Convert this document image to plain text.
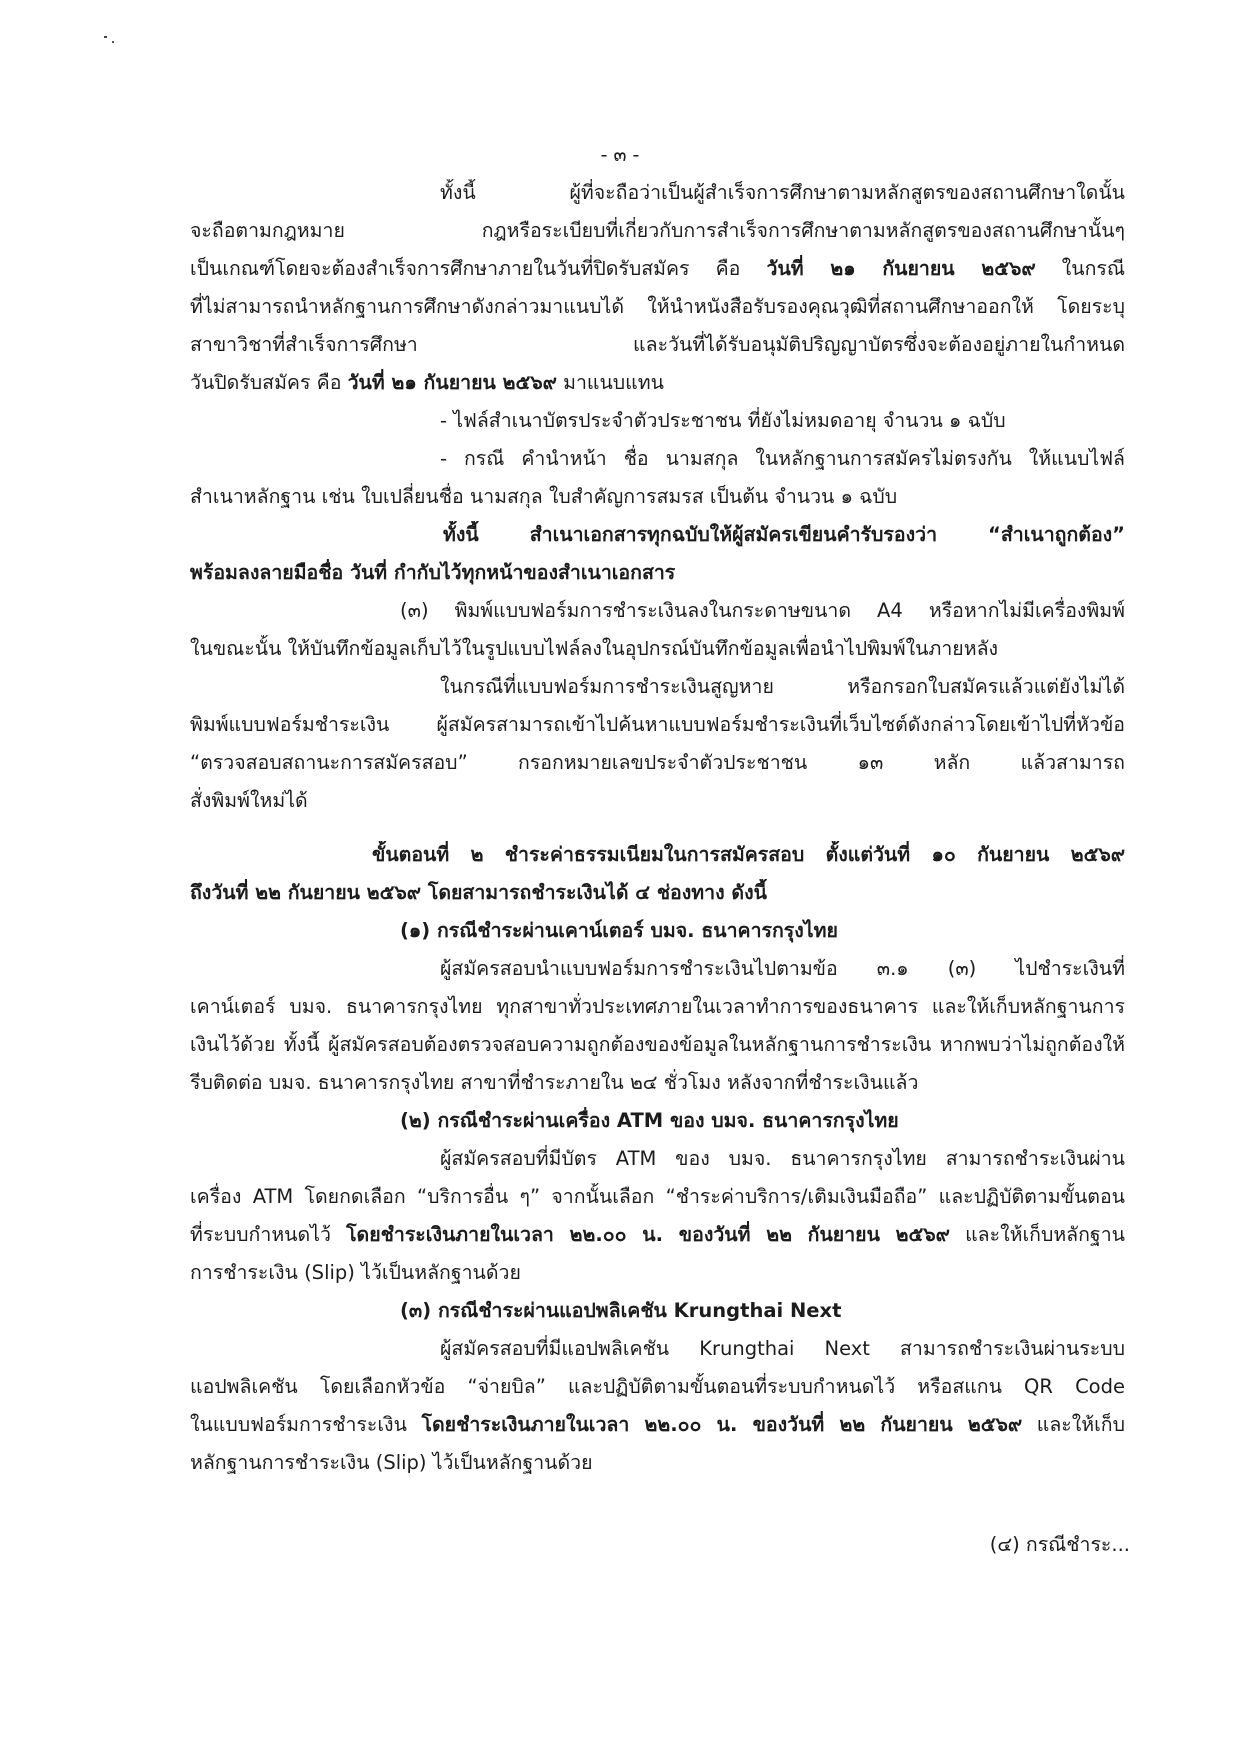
- ๓ -
ทั้งนี้ ผู้ที่จะถือว่าเป็นผู้สำเร็จการศึกษาตามหลักสูตรของสถานศึกษาใดนั้น
จะถือตามกฎหมาย กฎหรือระเบียบที่เกี่ยวกับการสำเร็จการศึกษาตามหลักสูตรของสถานศึกษานั้นๆ
เป็นเกณฑ์โดยจะต้องสำเร็จการศึกษาภายในวันที่ปิดรับสมัคร คือ วันที่ ๒๑ กันยายน ๒๕๖๙ ในกรณี
ที่ไม่สามารถนำหลักฐานการศึกษาดังกล่าวมาแนบได้ ให้นำหนังสือรับรองคุณวุฒิที่สถานศึกษาออกให้ โดยระบุ
สาขาวิชาที่สำเร็จการศึกษา และวันที่ได้รับอนุมัติปริญญาบัตรซึ่งจะต้องอยู่ภายในกำหนด
วันปิดรับสมัคร คือ วันที่ ๒๑ กันยายน ๒๕๖๙ มาแนบแทน
- ไฟล์สำเนาบัตรประจำตัวประชาชน ที่ยังไม่หมดอายุ จำนวน ๑ ฉบับ
- กรณี คำนำหน้า ชื่อ นามสกุล ในหลักฐานการสมัครไม่ตรงกัน ให้แนบไฟล์
สำเนาหลักฐาน เช่น ใบเปลี่ยนชื่อ นามสกุล ใบสำคัญการสมรส เป็นต้น จำนวน ๑ ฉบับ
ทั้งนี้ สำเนาเอกสารทุกฉบับให้ผู้สมัครเขียนคำรับรองว่า “สำเนาถูกต้อง”
พร้อมลงลายมือชื่อ วันที่ กำกับไว้ทุกหน้าของสำเนาเอกสาร
(๓) พิมพ์แบบฟอร์มการชำระเงินลงในกระดาษขนาด A4 หรือหากไม่มีเครื่องพิมพ์
ในขณะนั้น ให้บันทึกข้อมูลเก็บไว้ในรูปแบบไฟล์ลงในอุปกรณ์บันทึกข้อมูลเพื่อนำไปพิมพ์ในภายหลัง
ในกรณีที่แบบฟอร์มการชำระเงินสูญหาย หรือกรอกใบสมัครแล้วแต่ยังไม่ได้
พิมพ์แบบฟอร์มชำระเงิน ผู้สมัครสามารถเข้าไปค้นหาแบบฟอร์มชำระเงินที่เว็บไซต์ดังกล่าวโดยเข้าไปที่หัวข้อ
“ตรวจสอบสถานะการสมัครสอบ” กรอกหมายเลขประจำตัวประชาชน ๑๓ หลัก แล้วสามารถ
สั่งพิมพ์ใหม่ได้
ขั้นตอนที่ ๒ ชำระค่าธรรมเนียมในการสมัครสอบ ตั้งแต่วันที่ ๑๐ กันยายน ๒๕๖๙
ถึงวันที่ ๒๒ กันยายน ๒๕๖๙ โดยสามารถชำระเงินได้ ๔ ช่องทาง ดังนี้
(๑) กรณีชำระผ่านเคาน์เตอร์ บมจ. ธนาคารกรุงไทย
ผู้สมัครสอบนำแบบฟอร์มการชำระเงินไปตามข้อ ๓.๑ (๓) ไปชำระเงินที่
เคาน์เตอร์ บมจ. ธนาคารกรุงไทย ทุกสาขาทั่วประเทศภายในเวลาทำการของธนาคาร และให้เก็บหลักฐานการ
เงินไว้ด้วย ทั้งนี้ ผู้สมัครสอบต้องตรวจสอบความถูกต้องของข้อมูลในหลักฐานการชำระเงิน หากพบว่าไม่ถูกต้องให้
รีบติดต่อ บมจ. ธนาคารกรุงไทย สาขาที่ชำระภายใน ๒๔ ชั่วโมง หลังจากที่ชำระเงินแล้ว
(๒) กรณีชำระผ่านเครื่อง ATM ของ บมจ. ธนาคารกรุงไทย
ผู้สมัครสอบที่มีบัตร ATM ของ บมจ. ธนาคารกรุงไทย สามารถชำระเงินผ่าน
เครื่อง ATM โดยกดเลือก “บริการอื่น ๆ” จากนั้นเลือก “ชำระค่าบริการ/เติมเงินมือถือ” และปฏิบัติตามขั้นตอน
ที่ระบบกำหนดไว้ โดยชำระเงินภายในเวลา ๒๒.๐๐ น. ของวันที่ ๒๒ กันยายน ๒๕๖๙ และให้เก็บหลักฐาน
การชำระเงิน (Slip) ไว้เป็นหลักฐานด้วย
(๓) กรณีชำระผ่านแอปพลิเคชัน Krungthai Next
ผู้สมัครสอบที่มีแอปพลิเคชัน Krungthai Next สามารถชำระเงินผ่านระบบ
แอปพลิเคชัน โดยเลือกหัวข้อ “จ่ายบิล” และปฏิบัติตามขั้นตอนที่ระบบกำหนดไว้ หรือสแกน QR Code
ในแบบฟอร์มการชำระเงิน โดยชำระเงินภายในเวลา ๒๒.๐๐ น. ของวันที่ ๒๒ กันยายน ๒๕๖๙ และให้เก็บ
หลักฐานการชำระเงิน (Slip) ไว้เป็นหลักฐานด้วย
(๔) กรณีชำระ...
